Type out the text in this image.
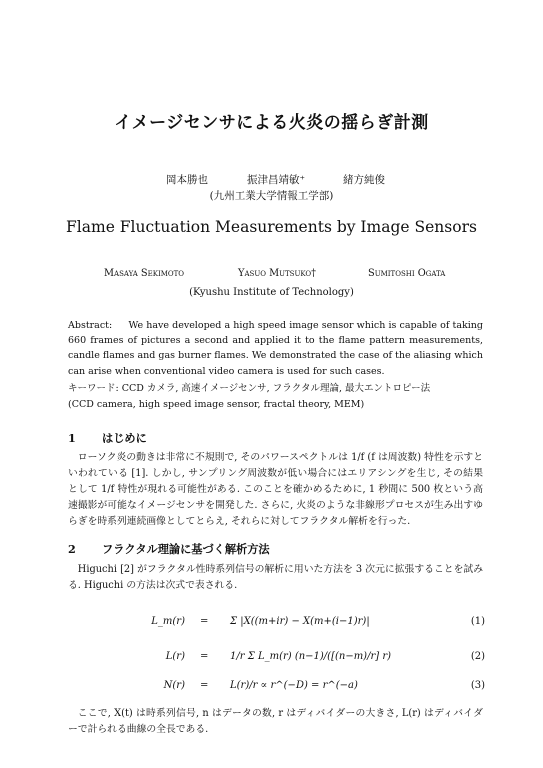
イメージセンサによる火炎の揺らぎ計測
岡本勝也	振津昌靖敏⁺	緒方純俊
(九州工業大学情報工学部)
Flame Fluctuation Measurements by Image Sensors
Masaya Sekimoto	Yasuo Mutsuko†	Sumitoshi Ogata
(Kyushu Institute of Technology)
Abstract: We have developed a high speed image sensor which is capable of taking 660 frames of pictures a second and applied it to the flame pattern measurements, candle flames and gas burner flames. We demonstrated the case of the aliasing which can arise when conventional video camera is used for such cases.
キーワード: CCD カメラ, 高速イメージセンサ, フラクタル理論, 最大エントロピー法
(CCD camera, high speed image sensor, fractal theory, MEM)
1 はじめに
ローソク炎の動きは非常に不規則で, そのパワースペクトルは 1/f (f は周波数) 特性を示すといわれている [1]. しかし, サンプリング周波数が低い場合にはエリアシングを生じ, その結果として 1/f 特性が現れる可能性がある. このことを確かめるために, 1 秒間に 500 枚という高速撮影が可能なイメージセンサを開発した. さらに, 火炎のような非線形プロセスが生み出すゆらぎを時系列連続画像としてとらえ, それらに対してフラクタル解析を行った.
2 フラクタル理論に基づく解析方法
Higuchi [2] がフラクタル性時系列信号の解析に用いた方法を 3 次元に拡張することを試みる. Higuchi の方法は次式で表される.
L_m(r) = Σ |X((m+ir) − X(m+(i−1)r)|	(1)
L(r) = 1/r Σ L_m(r) (n−1)/([(n−m)/r] r)	(2)
N(r) = L(r)/r ∝ r^(−D) = r^(−a)	(3)
ここで, X(t) は時系列信号, n はデータの数, r はディバイダーの大きさ, L(r) はディバイダーで計られる曲線の全長である.
